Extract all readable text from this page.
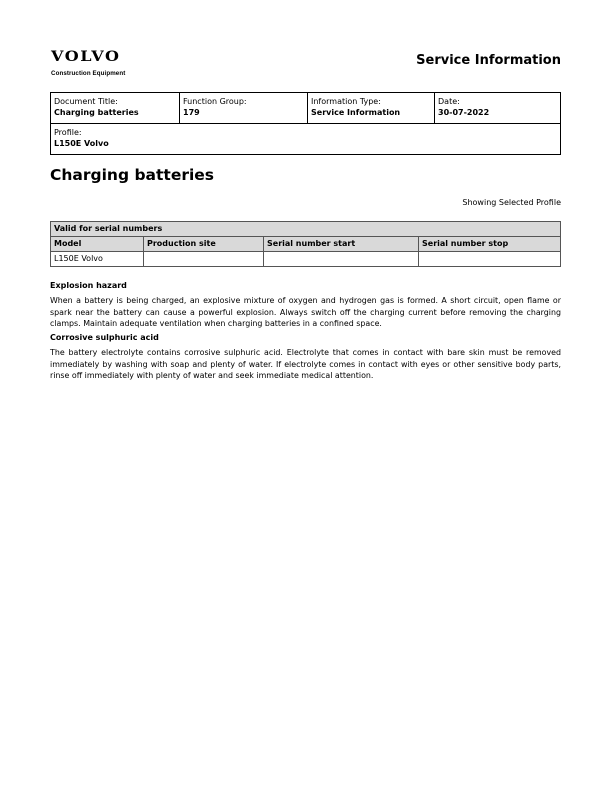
VOLVO
Construction Equipment
Service Information
Document Title:
Charging batteries
Function Group:
179
Information Type:
Service Information
Date:
30-07-2022
Profile:
L150E Volvo
Charging batteries
Showing Selected Profile
Valid for serial numbers			
Model	Production site	Serial number start	Serial number stop
L150E Volvo			
Explosion hazard

When a battery is being charged, an explosive mixture of oxygen and hydrogen gas is formed. A short circuit, open flame or spark near the battery can cause a powerful explosion. Always switch off the charging current before removing the charging clamps. Maintain adequate ventilation when charging batteries in a confined space.

Corrosive sulphuric acid

The battery electrolyte contains corrosive sulphuric acid. Electrolyte that comes in contact with bare skin must be removed immediately by washing with soap and plenty of water. If electrolyte comes in contact with eyes or other sensitive body parts, rinse off immediately with plenty of water and seek immediate medical attention.
